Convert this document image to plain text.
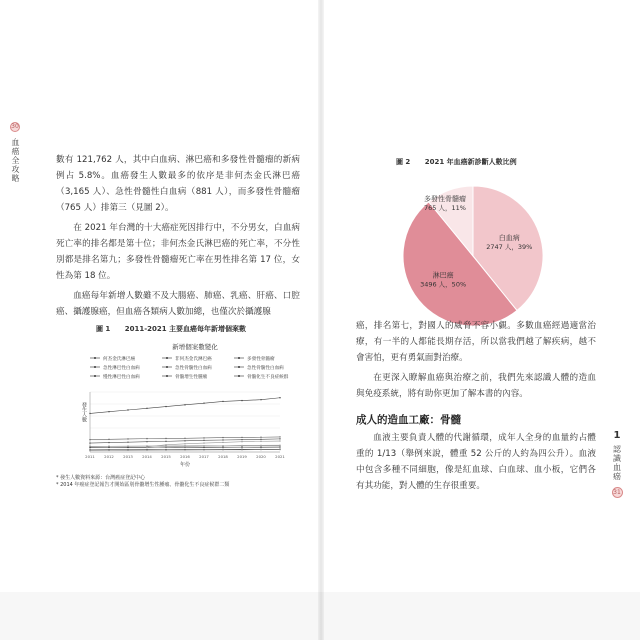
30
血癌全攻略	數有 121,762 人，其中白血病、淋巴癌和多發性骨髓瘤的新病例占 5.8%。血癌發生人數最多的依序是非何杰金氏淋巴癌（3,165 人）、急性骨髓性白血病（881 人），而多發性骨髓瘤（765 人）排第三（見圖 2）。

在 2021 年台灣的十大癌症死因排行中，不分男女，白血病死亡率的排名都是第十位；非何杰金氏淋巴癌的死亡率，不分性別都是排名第九；多發性骨髓瘤死亡率在男性排名第 17 位，女性為第 18 位。

血癌每年新增人數雖不及大腸癌、肺癌、乳癌、肝癌、口腔癌、攝護腺癌，但血癌各類病人數加總，也僅次於攝護腺

圖 1 2011-2021 主要血癌每年新增個案數
新增個案數變化
何杰金氏淋巴癌	非何杰金氏淋巴癌	多發性骨髓瘤
急性淋巴性白血病	急性骨髓性白血病	急性骨髓性白血病
慢性淋巴性白血病	骨髓增生性腫瘤	骨髓化生不良症候群
2011 2012 2013 2014 2015 2016 2017 2018 2019 2020 2021
年份
發生人數
* 發生人數資料來源：台灣癌症登記中心
* 2014 年癌症登記報告才開始區別骨髓增生性腫瘤、骨髓化生不良症候群二類
圖 2 2021 年血癌新診斷人數比例
白血病
2747 人，39%
淋巴癌
3496 人，50%
多發性骨髓瘤
765 人，11%

癌，排名第七，對國人的威脅不容小覷。多數血癌經過適當治療，有一半的人都能長期存活，所以當我們越了解疾病，越不會害怕，更有勇氣面對治療。

在更深入瞭解血癌與治療之前，我們先來認識人體的造血與免疫系統，將有助你更加了解本書的內容。

成人的造血工廠：骨髓

血液主要負責人體的代謝循環，成年人全身的血量約占體重的 1/13（舉例來說，體重 52 公斤的人約為四公升）。血液中包含多種不同細胞，像是紅血球、白血球、血小板，它們各有其功能，對人體的生存很重要。

1
認識血癌
31
